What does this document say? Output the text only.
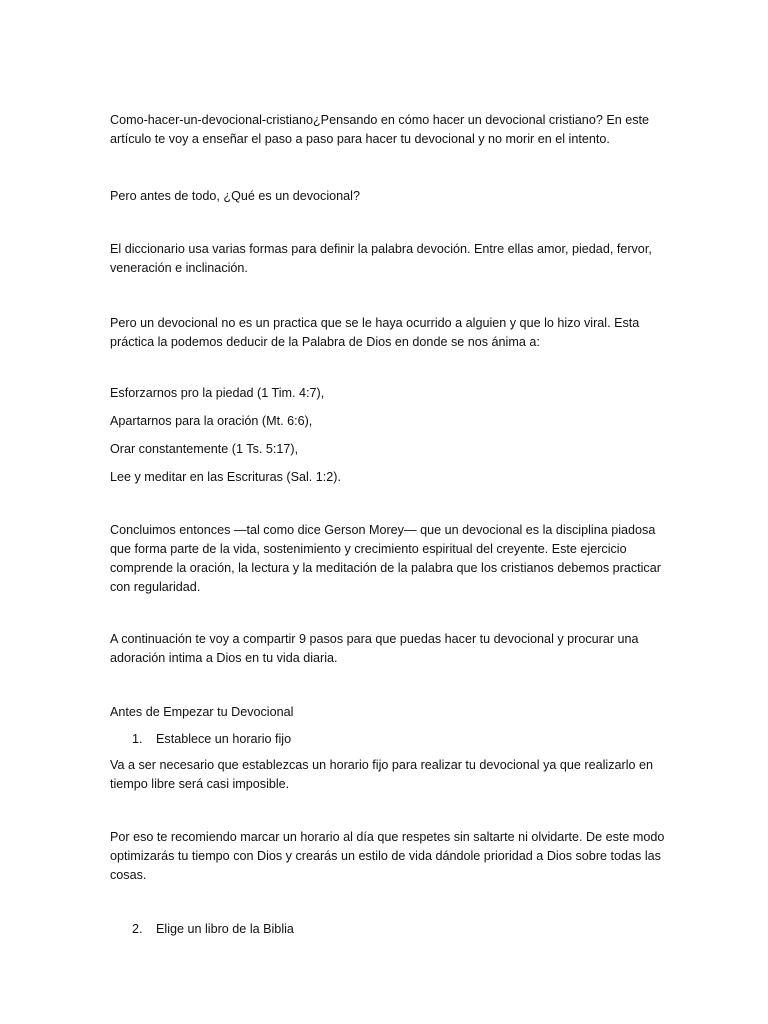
Como-hacer-un-devocional-cristiano¿Pensando en cómo hacer un devocional cristiano? En este artículo te voy a enseñar el paso a paso para hacer tu devocional y no morir en el intento.

Pero antes de todo, ¿Qué es un devocional?

El diccionario usa varias formas para definir la palabra devoción. Entre ellas amor, piedad, fervor, veneración e inclinación.

Pero un devocional no es un practica que se le haya ocurrido a alguien y que lo hizo viral. Esta práctica la podemos deducir de la Palabra de Dios en donde se nos ánima a:

Esforzarnos pro la piedad (1 Tim. 4:7),

Apartarnos para la oración (Mt. 6:6),

Orar constantemente (1 Ts. 5:17),

Lee y meditar en las Escrituras (Sal. 1:2).

Concluimos entonces —tal como dice Gerson Morey— que un devocional es la disciplina piadosa que forma parte de la vida, sostenimiento y crecimiento espiritual del creyente. Este ejercicio comprende la oración, la lectura y la meditación de la palabra que los cristianos debemos practicar con regularidad.

A continuación te voy a compartir 9 pasos para que puedas hacer tu devocional y procurar una adoración intima a Dios en tu vida diaria.

Antes de Empezar tu Devocional

1. Establece un horario fijo

Va a ser necesario que establezcas un horario fijo para realizar tu devocional ya que realizarlo en tiempo libre será casi imposible.

Por eso te recomiendo marcar un horario al día que respetes sin saltarte ni olvidarte. De este modo optimizarás tu tiempo con Dios y crearás un estilo de vida dándole prioridad a Dios sobre todas las cosas.

2. Elige un libro de la Biblia
